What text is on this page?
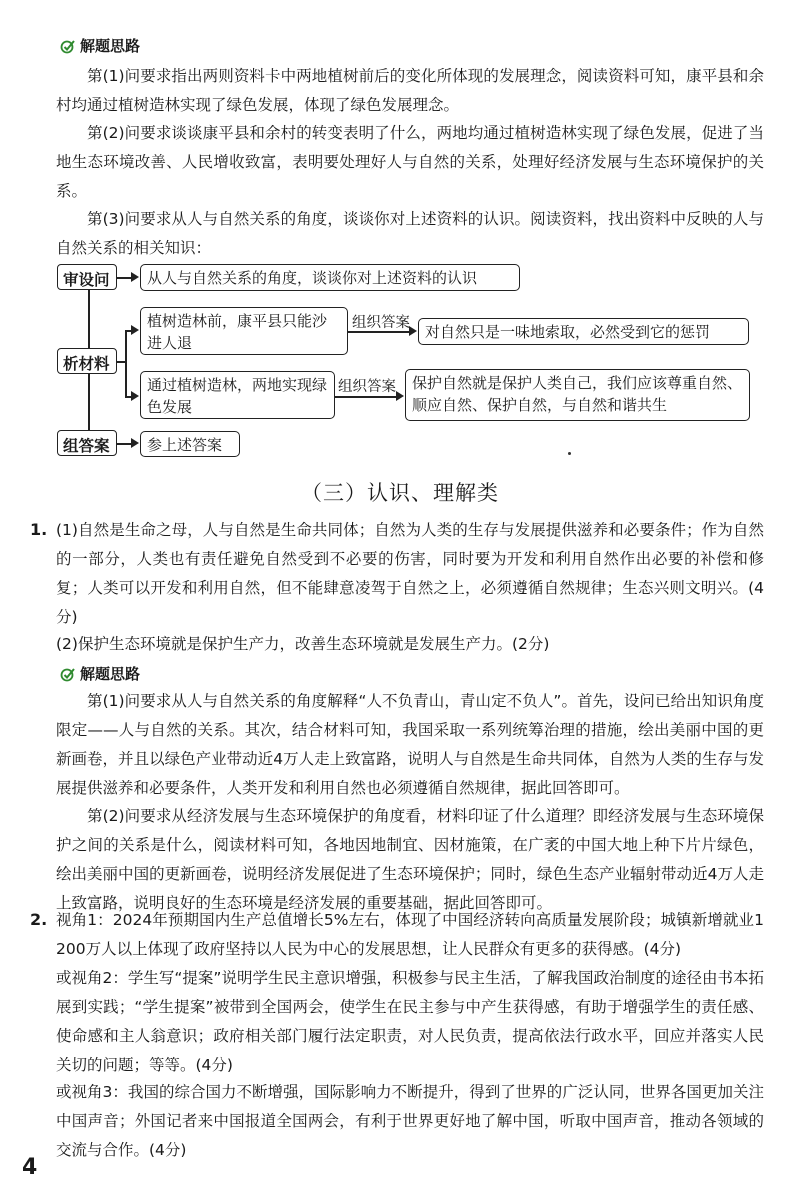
解题思路

第(1)问要求指出两则资料卡中两地植树前后的变化所体现的发展理念，阅读资料可知，康平县和余村均通过植树造林实现了绿色发展，体现了绿色发展理念。

第(2)问要求谈谈康平县和余村的转变表明了什么，两地均通过植树造林实现了绿色发展，促进了当地生态环境改善、人民增收致富，表明要处理好人与自然的关系，处理好经济发展与生态环境保护的关系。

第(3)问要求从人与自然关系的角度，谈谈你对上述资料的认识。阅读资料，找出资料中反映的人与自然关系的相关知识：

审设问	从人与自然关系的角度，谈谈你对上述资料的认识
析材料
植树造林前，康平县只能沙进人退
组织答案	对自然只是一味地索取，必然受到它的惩罚
通过植树造林，两地实现绿色发展
组织答案	保护自然就是保护人类自己，我们应该尊重自然、顺应自然、保护自然，与自然和谐共生
组答案	参上述答案
（三）认识、理解类
1. (1)自然是生命之母，人与自然是生命共同体；自然为人类的生存与发展提供滋养和必要条件；作为自然的一部分，人类也有责任避免自然受到不必要的伤害，同时要为开发和利用自然作出必要的补偿和修复；人类可以开发和利用自然，但不能肆意凌驾于自然之上，必须遵循自然规律；生态兴则文明兴。(4分)

(2)保护生态环境就是保护生产力，改善生态环境就是发展生产力。(2分)

解题思路

第(1)问要求从人与自然关系的角度解释“人不负青山，青山定不负人”。首先，设问已给出知识角度限定——人与自然的关系。其次，结合材料可知，我国采取一系列统筹治理的措施，绘出美丽中国的更新画卷，并且以绿色产业带动近4万人走上致富路，说明人与自然是生命共同体，自然为人类的生存与发展提供滋养和必要条件，人类开发和利用自然也必须遵循自然规律，据此回答即可。

第(2)问要求从经济发展与生态环境保护的角度看，材料印证了什么道理？即经济发展与生态环境保护之间的关系是什么，阅读材料可知，各地因地制宜、因材施策，在广袤的中国大地上种下片片绿色，绘出美丽中国的更新画卷，说明经济发展促进了生态环境保护；同时，绿色生态产业辐射带动近4万人走上致富路，说明良好的生态环境是经济发展的重要基础，据此回答即可。

2. 视角1：2024年预期国内生产总值增长5%左右，体现了中国经济转向高质量发展阶段；城镇新增就业1 200万人以上体现了政府坚持以人民为中心的发展思想，让人民群众有更多的获得感。(4分)

或视角2：学生写“提案”说明学生民主意识增强，积极参与民主生活，了解我国政治制度的途径由书本拓展到实践；“学生提案”被带到全国两会，使学生在民主参与中产生获得感，有助于增强学生的责任感、使命感和主人翁意识；政府相关部门履行法定职责，对人民负责，提高依法行政水平，回应并落实人民关切的问题；等等。(4分)

或视角3：我国的综合国力不断增强，国际影响力不断提升，得到了世界的广泛认同，世界各国更加关注中国声音；外国记者来中国报道全国两会，有利于世界更好地了解中国，听取中国声音，推动各领域的交流与合作。(4分)

4
